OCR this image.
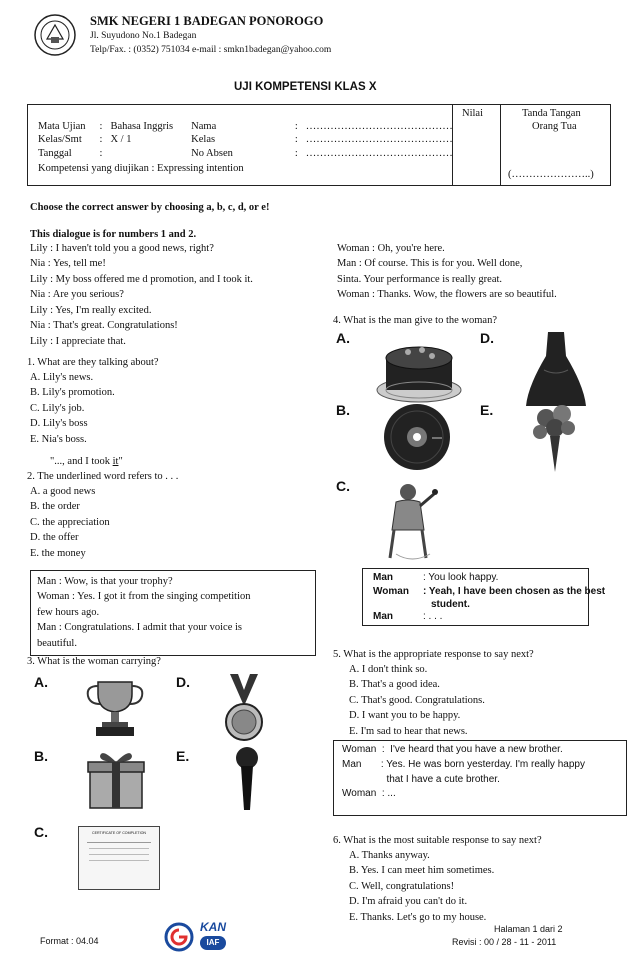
SMK NEGERI 1 BADEGAN PONOROGO
Jl. Suyudono No.1 Badegan
Telp/Fax. : (0352) 751034 e-mail : smkn1badegan@yahoo.com
UJI KOMPETENSI KLAS X
Mata Ujian	:	Bahasa Inggris	Nama	:	……………………………………
Kelas/Smt	:	X / 1	Kelas	:	……………………………………
Tanggal	:		No Absen	:	……………………………………
Kompetensi yang diujikan : Expressing intention
Nilai	Tanda Tangan
Orang Tua
(…………………..)
Choose the correct answer by choosing a, b, c, d, or e!
This dialogue is for numbers 1 and 2.
Lily : I haven't told you a good news, right?
Nia : Yes, tell me!
Lily : My boss offered me d promotion, and I took it.
Nia : Are you serious?
Lily : Yes, I'm really excited.
Nia : That's great. Congratulations!
Lily : I appreciate that.
1. What are they talking about?
A. Lily's news.
B. Lily's promotion.
C. Lily's job.
D. Lily's boss
E. Nia's boss.
"..., and I took it"
2. The underlined word refers to . . .
A. a good news
B. the order
C. the appreciation
D. the offer
E. the money
Man : Wow, is that your trophy?
Woman : Yes. I got it from the singing competition
few hours ago.
Man : Congratulations. I admit that your voice is
beautiful.
3. What is the woman carrying?
A.	D.
B.	E.
C.	CERTIFICATE OF COMPLETION
Woman : Oh, you're here.
Man : Of course. This is for you. Well done,
Sinta. Your performance is really great.
Woman : Thanks. Wow, the flowers are so beautiful.
4. What is the man give to the woman?
A.	D.
B.	E.
C.
Man	: You look happy.
Woman : Yeah, I have been chosen as the best
student.
Man	: . . .
5. What is the appropriate response to say next?
A. I don't think so.
B. That's a good idea.
C. That's good. Congratulations.
D. I want you to be happy.
E. I'm sad to hear that news.
Woman  :  I've heard that you have a new brother.
Man       : Yes. He was born yesterday. I'm really happy
that I have a cute brother.
Woman  : ...
6. What is the most suitable response to say next?
A. Thanks anyway.
B. Yes. I can meet him sometimes.
C. Well, congratulations!
D. I'm afraid you can't do it.
E. Thanks. Let's go to my house.
Format : 04.04
KAN
IAF
Halaman 1 dari 2
Revisi : 00 / 28 - 11 - 2011
